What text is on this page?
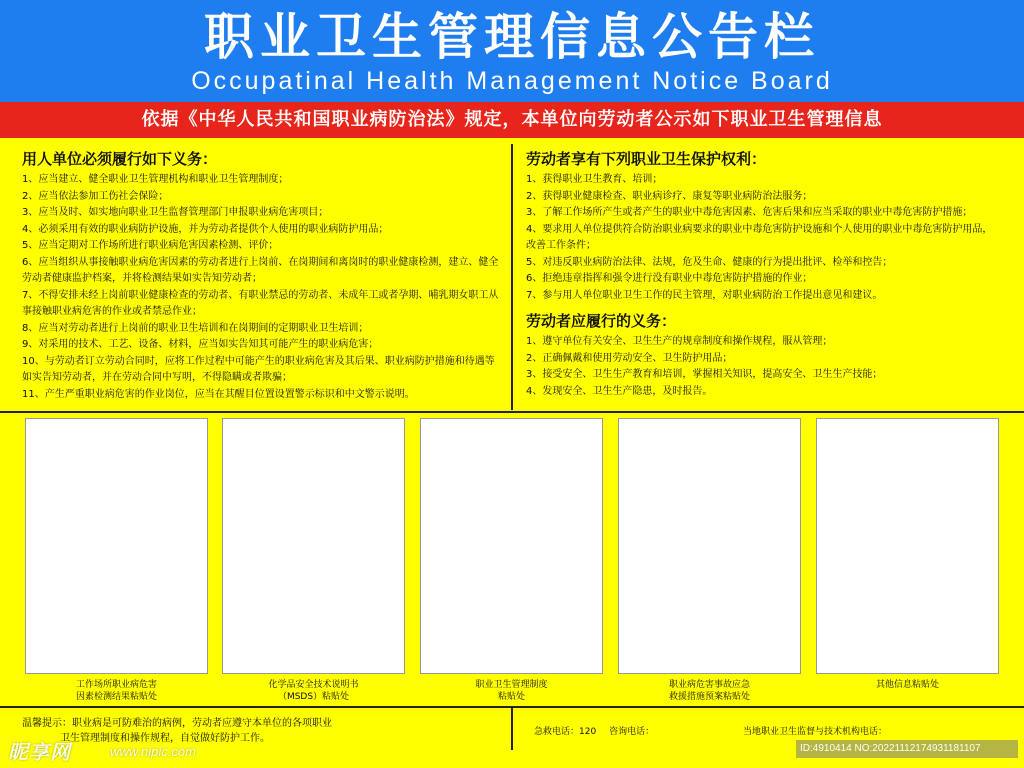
职业卫生管理信息公告栏
Occupatinal Health Management Notice Board
依据《中华人民共和国职业病防治法》规定，本单位向劳动者公示如下职业卫生管理信息
用人单位必须履行如下义务：
1、应当建立、健全职业卫生管理机构和职业卫生管理制度；
2、应当依法参加工伤社会保险；
3、应当及时、如实地向职业卫生监督管理部门申报职业病危害项目；
4、必须采用有效的职业病防护设施，并为劳动者提供个人使用的职业病防护用品；
5、应当定期对工作场所进行职业病危害因素检测、评价；
6、应当组织从事接触职业病危害因素的劳动者进行上岗前、在岗期间和离岗时的职业健康检测，建立、健全劳动者健康监护档案，并将检测结果如实告知劳动者；
7、不得安排未经上岗前职业健康检查的劳动者、有职业禁忌的劳动者、未成年工或者孕期、哺乳期女职工从事接触职业病危害的作业或者禁忌作业；
8、应当对劳动者进行上岗前的职业卫生培训和在岗期间的定期职业卫生培训；
9、对采用的技术、工艺、设备、材料，应当如实告知其可能产生的职业病危害；
10、与劳动者订立劳动合同时，应将工作过程中可能产生的职业病危害及其后果、职业病防护措施和待遇等如实告知劳动者，并在劳动合同中写明，不得隐瞒或者欺骗；
11、产生严重职业病危害的作业岗位，应当在其醒目位置设置警示标识和中文警示说明。
劳动者享有下列职业卫生保护权利：
1、获得职业卫生教育、培训；
2、获得职业健康检查、职业病诊疗、康复等职业病防治法服务；
3、了解工作场所产生或者产生的职业中毒危害因素、危害后果和应当采取的职业中毒危害防护措施；
4、要求用人单位提供符合防治职业病要求的职业中毒危害防护设施和个人使用的职业中毒危害防护用品，改善工作条件；
5、对违反职业病防治法律、法规，危及生命、健康的行为提出批评、检举和控告；
6、拒绝违章指挥和强令进行没有职业中毒危害防护措施的作业；
7、参与用人单位职业卫生工作的民主管理，对职业病防治工作提出意见和建议。
劳动者应履行的义务：
1、遵守单位有关安全、卫生生产的规章制度和操作规程，服从管理；
2、正确佩戴和使用劳动安全、卫生防护用品；
3、接受安全、卫生生产教育和培训，掌握相关知识，提高安全、卫生生产技能；
4、发现安全、卫生生产隐患，及时报告。
工作场所职业病危害
因素检测结果粘贴处
化学品安全技术说明书
（MSDS）粘贴处
职业卫生管理制度
粘贴处
职业病危害事故应急
救援措施预案粘贴处
其他信息粘贴处
温馨提示：职业病是可防难治的病例，劳动者应遵守本单位的各项职业
卫生管理制度和操作规程，自觉做好防护工作。
急救电话：120 咨询电话：	当地职业卫生监督与技术机构电话：
昵享网	www.nipic.com	ID:4910414 NO:20221112174931181107
